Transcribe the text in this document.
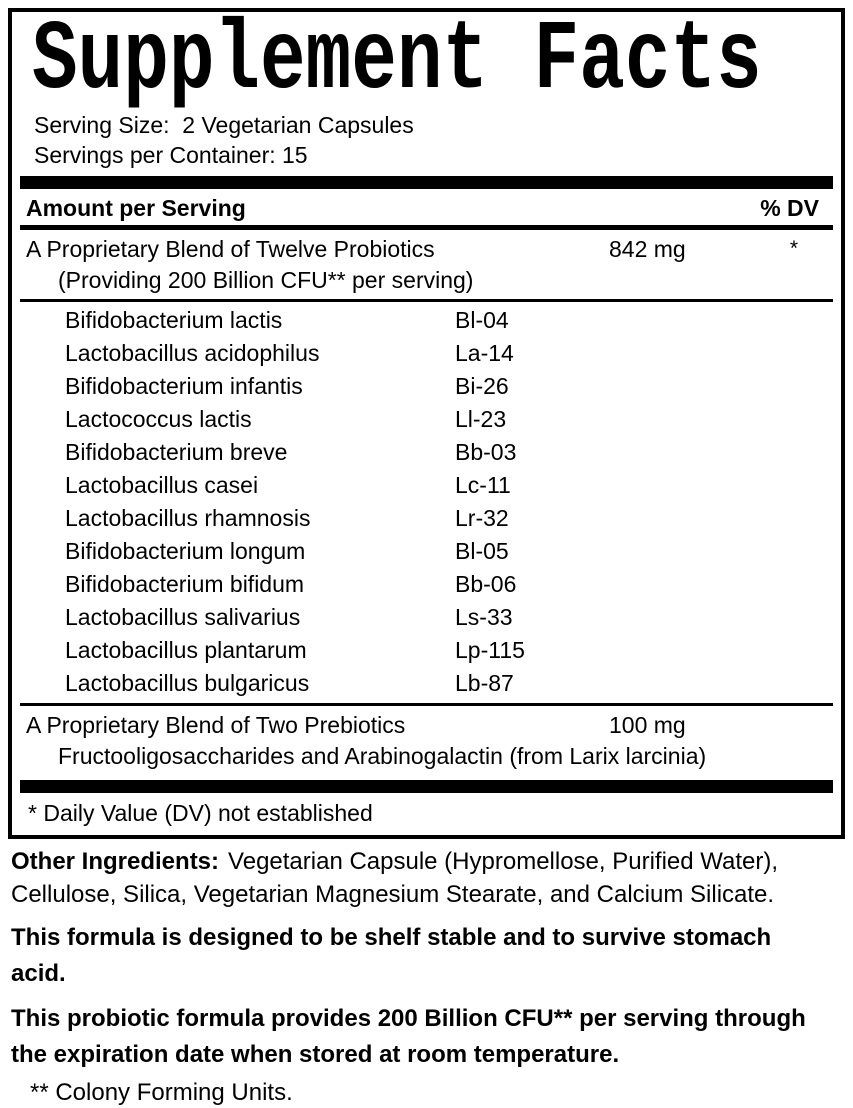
Supplement Facts
Serving Size:  2 Vegetarian Capsules
Servings per Container: 15
Amount per Serving	% DV
A Proprietary Blend of Twelve Probiotics	842 mg	*
(Providing 200 Billion CFU** per serving)
Bifidobacterium lactis	Bl-04
Lactobacillus acidophilus	La-14
Bifidobacterium infantis	Bi-26
Lactococcus lactis	Ll-23
Bifidobacterium breve	Bb-03
Lactobacillus casei	Lc-11
Lactobacillus rhamnosis	Lr-32
Bifidobacterium longum	Bl-05
Bifidobacterium bifidum	Bb-06
Lactobacillus salivarius	Ls-33
Lactobacillus plantarum	Lp-115
Lactobacillus bulgaricus	Lb-87
A Proprietary Blend of Two Prebiotics	100 mg
Fructooligosaccharides and Arabinogalactin (from Larix larcinia)
* Daily Value (DV) not established

Other Ingredients: Vegetarian Capsule (Hypromellose, Purified Water), Cellulose, Silica, Vegetarian Magnesium Stearate, and Calcium Silicate.

This formula is designed to be shelf stable and to survive stomach acid.

This probiotic formula provides 200 Billion CFU** per serving through the expiration date when stored at room temperature.

** Colony Forming Units.
